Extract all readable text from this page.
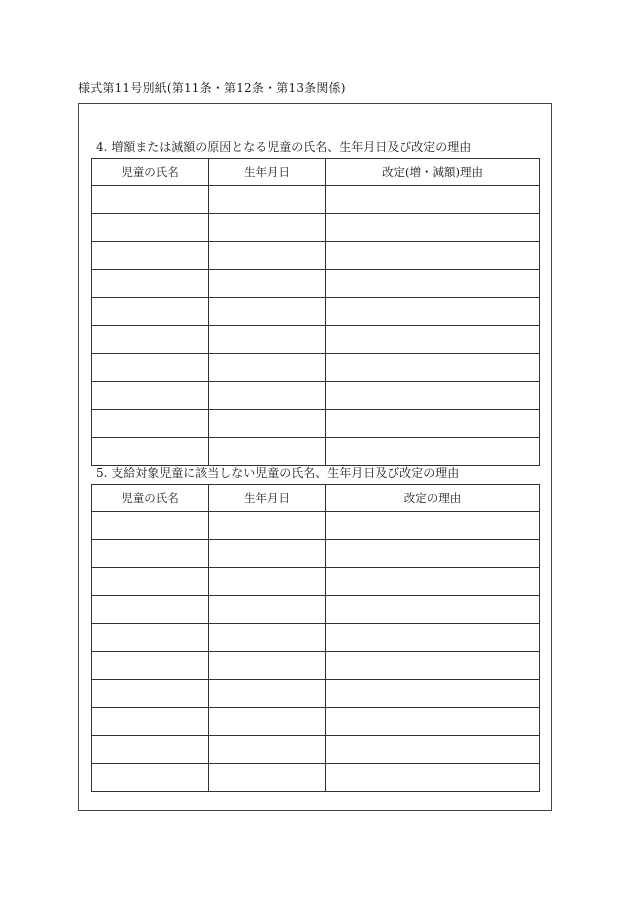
様式第11号別紙(第11条・第12条・第13条関係)
4. 増額または減額の原因となる児童の氏名、生年月日及び改定の理由
児童の氏名	生年月日	改定(増・減額)理由

5. 支給対象児童に該当しない児童の氏名、生年月日及び改定の理由
児童の氏名	生年月日	改定の理由
